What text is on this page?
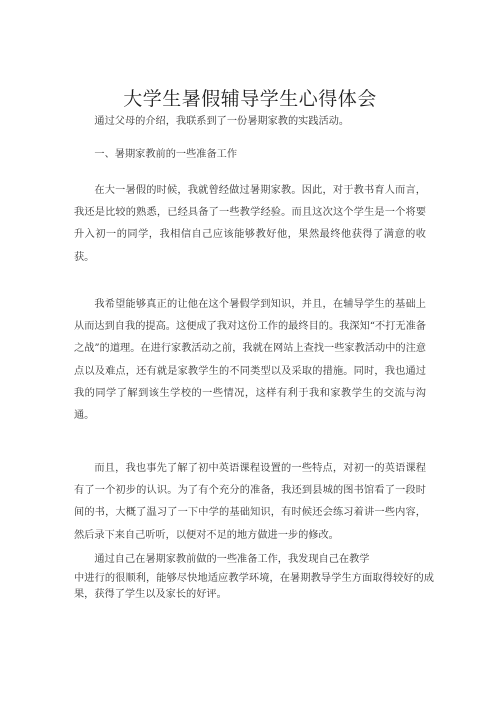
大学生暑假辅导学生心得体会

通过父母的介绍，我联系到了一份暑期家教的实践活动。

一、暑期家教前的一些准备工作

在大一暑假的时候，我就曾经做过暑期家教。因此，对于教书育人而言，我还是比较的熟悉，已经具备了一些教学经验。而且这次这个学生是一个将要升入初一的同学，我相信自己应该能够教好他，果然最终他获得了满意的收获。

我希望能够真正的让他在这个暑假学到知识，并且，在辅导学生的基础上从而达到自我的提高。这便成了我对这份工作的最终目的。我深知“不打无准备之战”的道理。在进行家教活动之前，我就在网站上查找一些家教活动中的注意点以及难点，还有就是家教学生的不同类型以及采取的措施。同时，我也通过我的同学了解到该生学校的一些情况，这样有利于我和家教学生的交流与沟通。

而且，我也事先了解了初中英语课程设置的一些特点，对初一的英语课程有了一个初步的认识。为了有个充分的准备，我还到县城的图书馆看了一段时间的书，大概了温习了一下中学的基础知识，有时候还会练习着讲一些内容，然后录下来自己听听，以便对不足的地方做进一步的修改。

通过自己在暑期家教前做的一些准备工作，我发现自己在教学

中进行的很顺利，能够尽快地适应教学环境，在暑期教导学生方面取得较好的成果，获得了学生以及家长的好评。
